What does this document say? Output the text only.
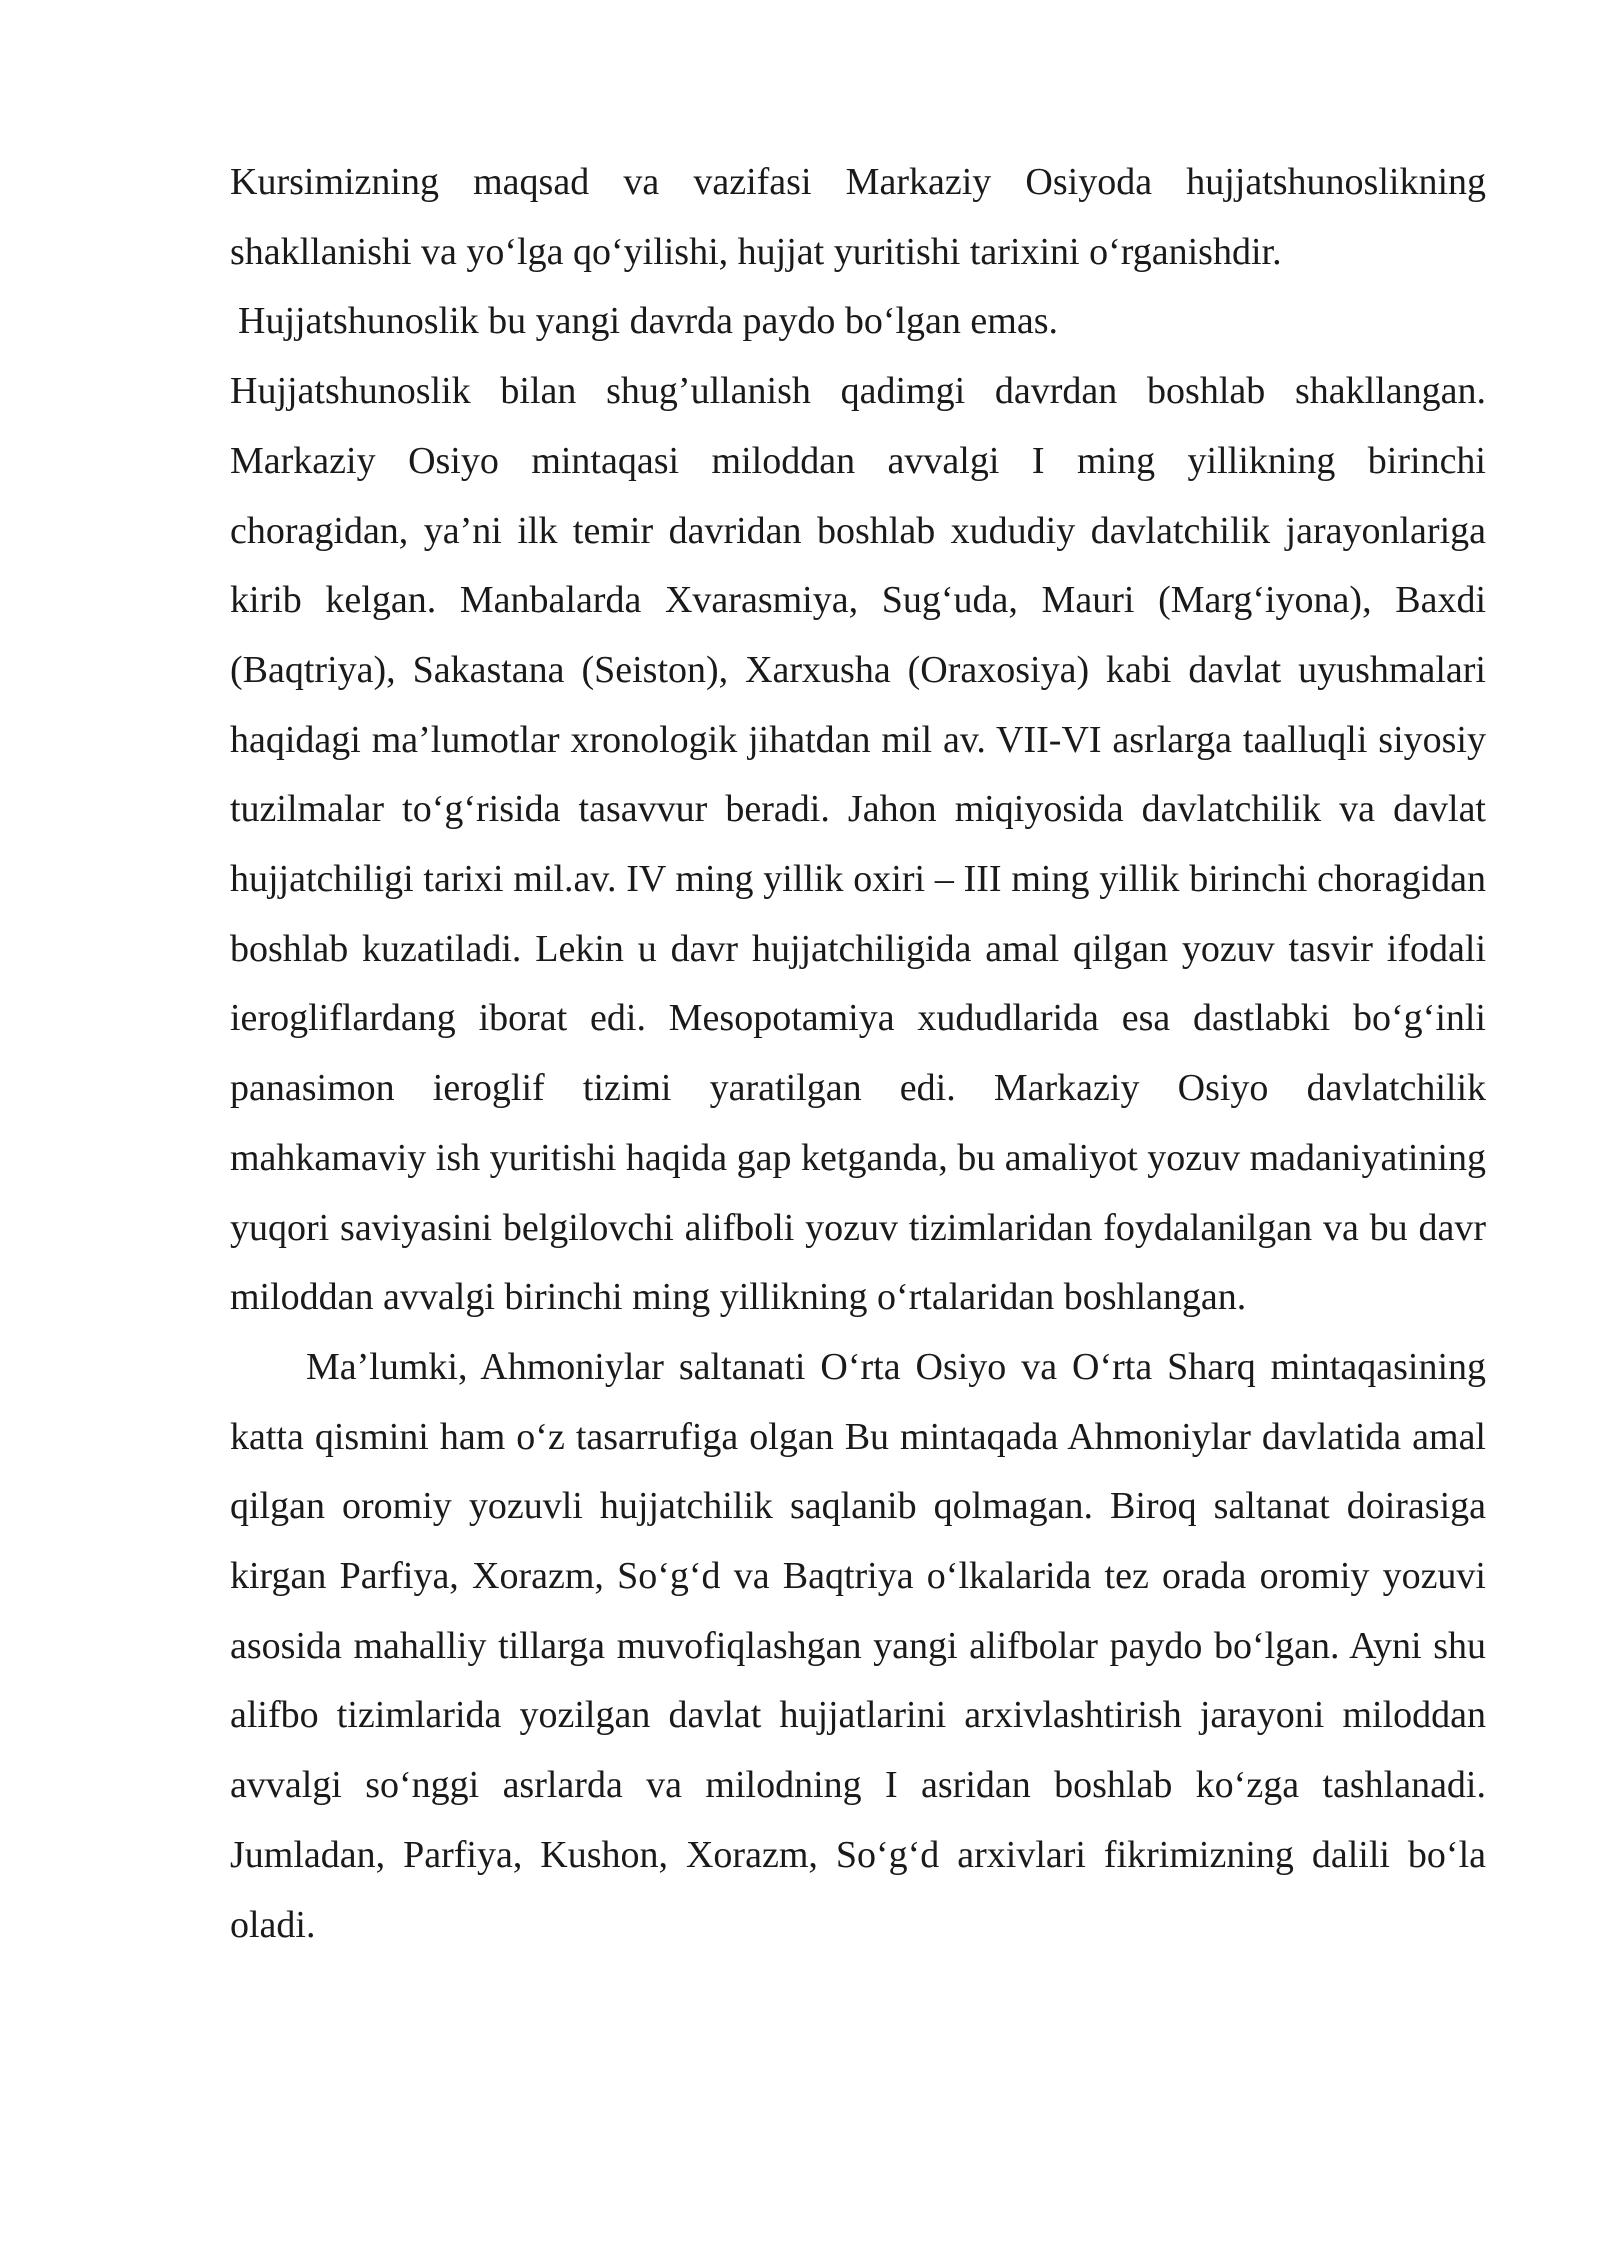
Kursimizning maqsad va vazifasi Markaziy Osiyoda hujjatshunoslikning shakllanishi va yo‘lga qo‘yilishi, hujjat yuritishi tarixini o‘rganishdir.

Hujjatshunoslik bu yangi davrda paydo bo‘lgan emas.

Hujjatshunoslik bilan shug’ullanish qadimgi davrdan boshlab shakllangan. Markaziy Osiyo mintaqasi miloddan avvalgi I ming yillikning birinchi choragidan, ya’ni ilk temir davridan boshlab xududiy davlatchilik jarayonlariga kirib kelgan. Manbalarda Xvarasmiya, Sug‘uda, Mauri (Marg‘iyona), Baxdi (Baqtriya), Sakastana (Seiston), Xarxusha (Oraxosiya) kabi davlat uyushmalari haqidagi ma’lumotlar xronologik jihatdan mil av. VII-VI asrlarga taalluqli siyosiy tuzilmalar to‘g‘risida tasavvur beradi. Jahon miqiyosida davlatchilik va davlat hujjatchiligi tarixi mil.av. IV ming yillik oxiri – III ming yillik birinchi choragidan boshlab kuzatiladi. Lekin u davr hujjatchiligida amal qilgan yozuv tasvir ifodali ierogliflardang iborat edi. Mesopotamiya xududlarida esa dastlabki bo‘g‘inli panasimon ieroglif tizimi yaratilgan edi. Markaziy Osiyo davlatchilik mahkamaviy ish yuritishi haqida gap ketganda, bu amaliyot yozuv madaniyatining yuqori saviyasini belgilovchi alifboli yozuv tizimlaridan foydalanilgan va bu davr miloddan avvalgi birinchi ming yillikning o‘rtalaridan boshlangan.

Ma’lumki, Ahmoniylar saltanati O‘rta Osiyo va O‘rta Sharq mintaqasining katta qismini ham o‘z tasarrufiga olgan Bu mintaqada Ahmoniylar davlatida amal qilgan oromiy yozuvli hujjatchilik saqlanib qolmagan. Biroq saltanat doirasiga kirgan Parfiya, Xorazm, So‘g‘d va Baqtriya o‘lkalarida tez orada oromiy yozuvi asosida mahalliy tillarga muvofiqlashgan yangi alifbolar paydo bo‘lgan. Ayni shu alifbo tizimlarida yozilgan davlat hujjatlarini arxivlashtirish jarayoni miloddan avvalgi so‘nggi asrlarda va milodning I asridan boshlab ko‘zga tashlanadi. Jumladan, Parfiya, Kushon, Xorazm, So‘g‘d arxivlari fikrimizning dalili bo‘la oladi.
